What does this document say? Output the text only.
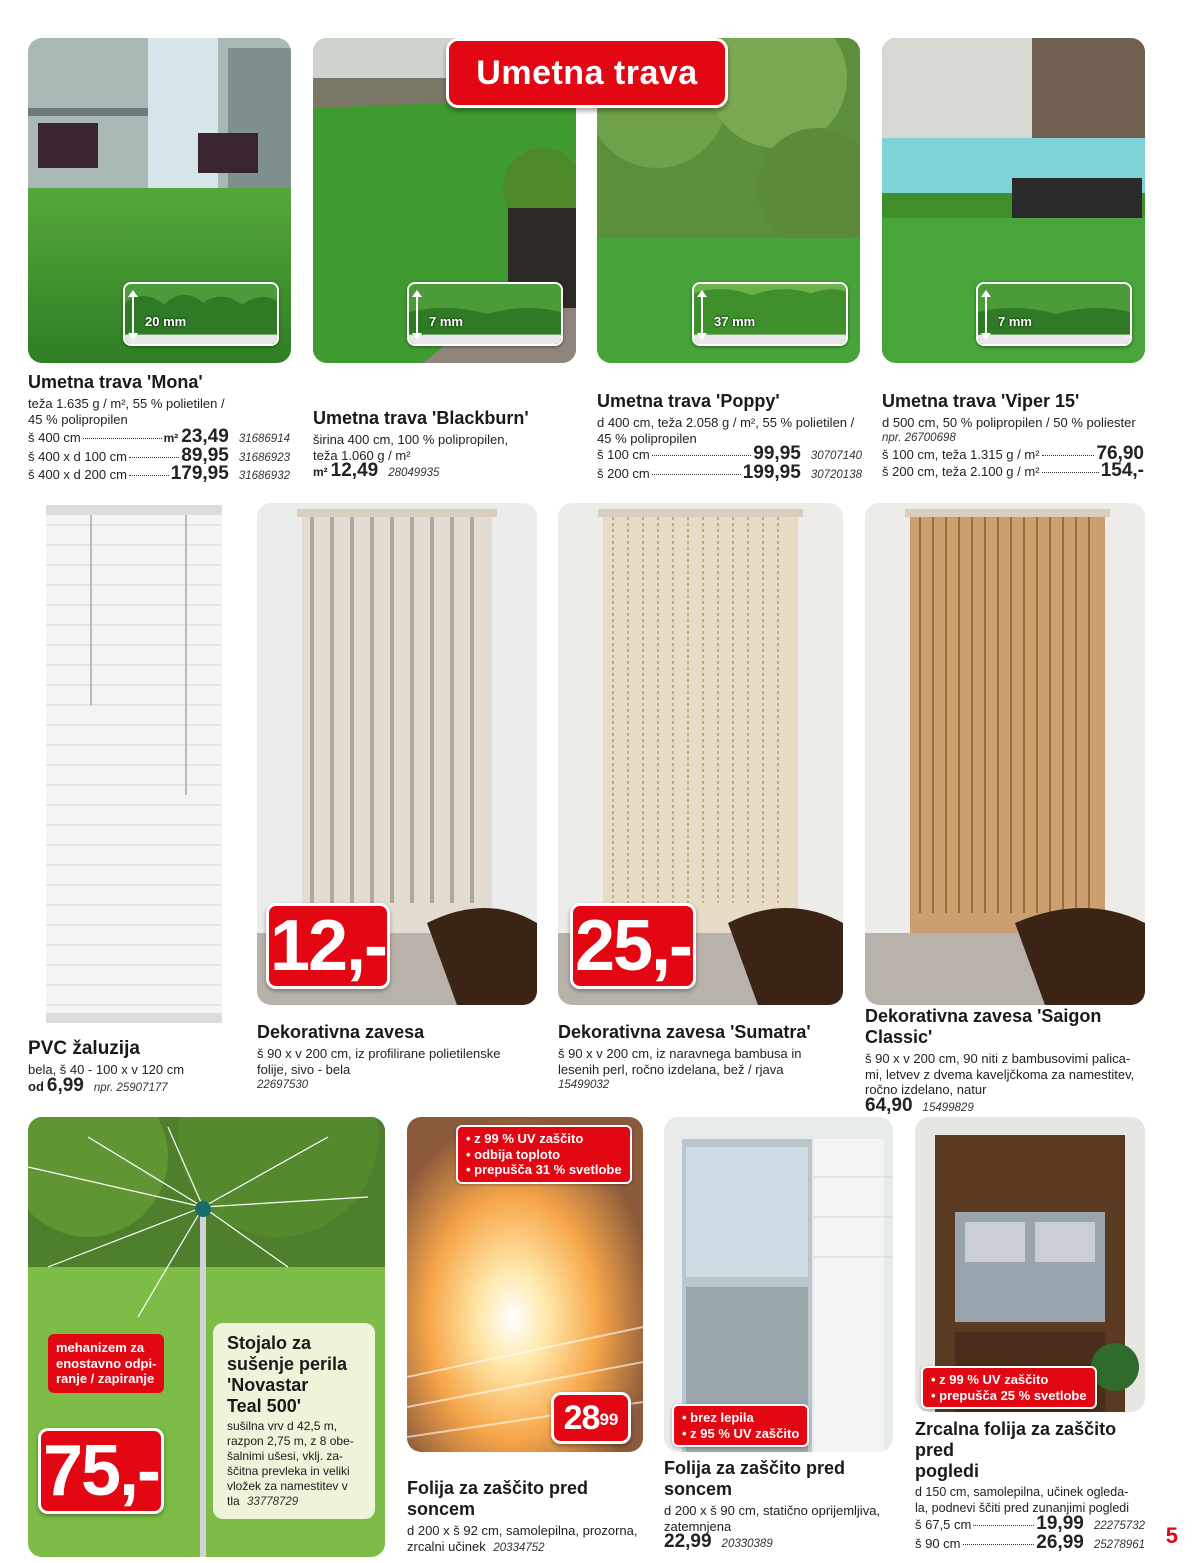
20 mm	7 mm	37 mm	7 mm
Umetna trava
Umetna trava 'Mona'
teža 1.635 g / m², 55 % polietilen /
45 % polipropilen
š 400 cm	m² 23,49 31686914
š 400 x d 100 cm	89,95 31686923
š 400 x d 200 cm 179,95 31686932
Umetna trava 'Blackburn'
širina 400 cm, 100 % polipropilen,
teža 1.060 g / m²
m² 12,49 28049935
Umetna trava 'Poppy'
d 400 cm, teža 2.058 g / m², 55 % polietilen /
45 % polipropilen
š 100 cm	99,95 30707140
š 200 cm	199,95 30720138
Umetna trava 'Viper 15'
d 500 cm, 50 % polipropilen / 50 % poliester
npr. 26700698
š 100 cm, teža 1.315 g / m²	76,90
š 200 cm, teža 2.100 g / m²	154,-
12,-	25,-
PVC žaluzija
bela, š 40 - 100 x v 120 cm
od 6,99 npr. 25907177
Dekorativna zavesa
š 90 x v 200 cm, iz profilirane polietilenske
folije, sivo - bela
22697530
Dekorativna zavesa 'Sumatra'
š 90 x v 200 cm, iz naravnega bambusa in
lesenih perl, ročno izdelana, bež / rjava
15499032
Dekorativna zavesa 'Saigon Classic'
š 90 x v 200 cm, 90 niti z bambusovimi palica-
mi, letvev z dvema kaveljčkoma za namestitev,
ročno izdelano, natur
64,90 15499829
mehanizem za
enostavno odpi-
ranje / zapiranje
Stojalo za
sušenje perila
'Novastar
Teal 500'
sušilna vrv d 42,5 m,
razpon 2,75 m, z 8 obe-
šalnimi ušesi, vklj. za-
ščitna prevleka in veliki
vložek za namestitev v
tla 33778729
75,-
• z 99 % UV zaščito
• odbija toploto
• prepušča 31 % svetlobe
$28^{99}$
Folija za zaščito pred soncem
d 200 x š 92 cm, samolepilna, prozorna,
zrcalni učinek 20334752
• brez lepila
• z 95 % UV zaščito
Folija za zaščito pred soncem
d 200 x š 90 cm, statično oprijemljiva,
zatemnjena
22,99 20330389
• z 99 % UV zaščito
• prepušča 25 % svetlobe
Zrcalna folija za zaščito pred
pogledi
d 150 cm, samolepilna, učinek ogleda-
la, podnevi ščiti pred zunanjimi pogledi
š 67,5 cm	19,99 22275732
š 90 cm	26,99 25278961 5
